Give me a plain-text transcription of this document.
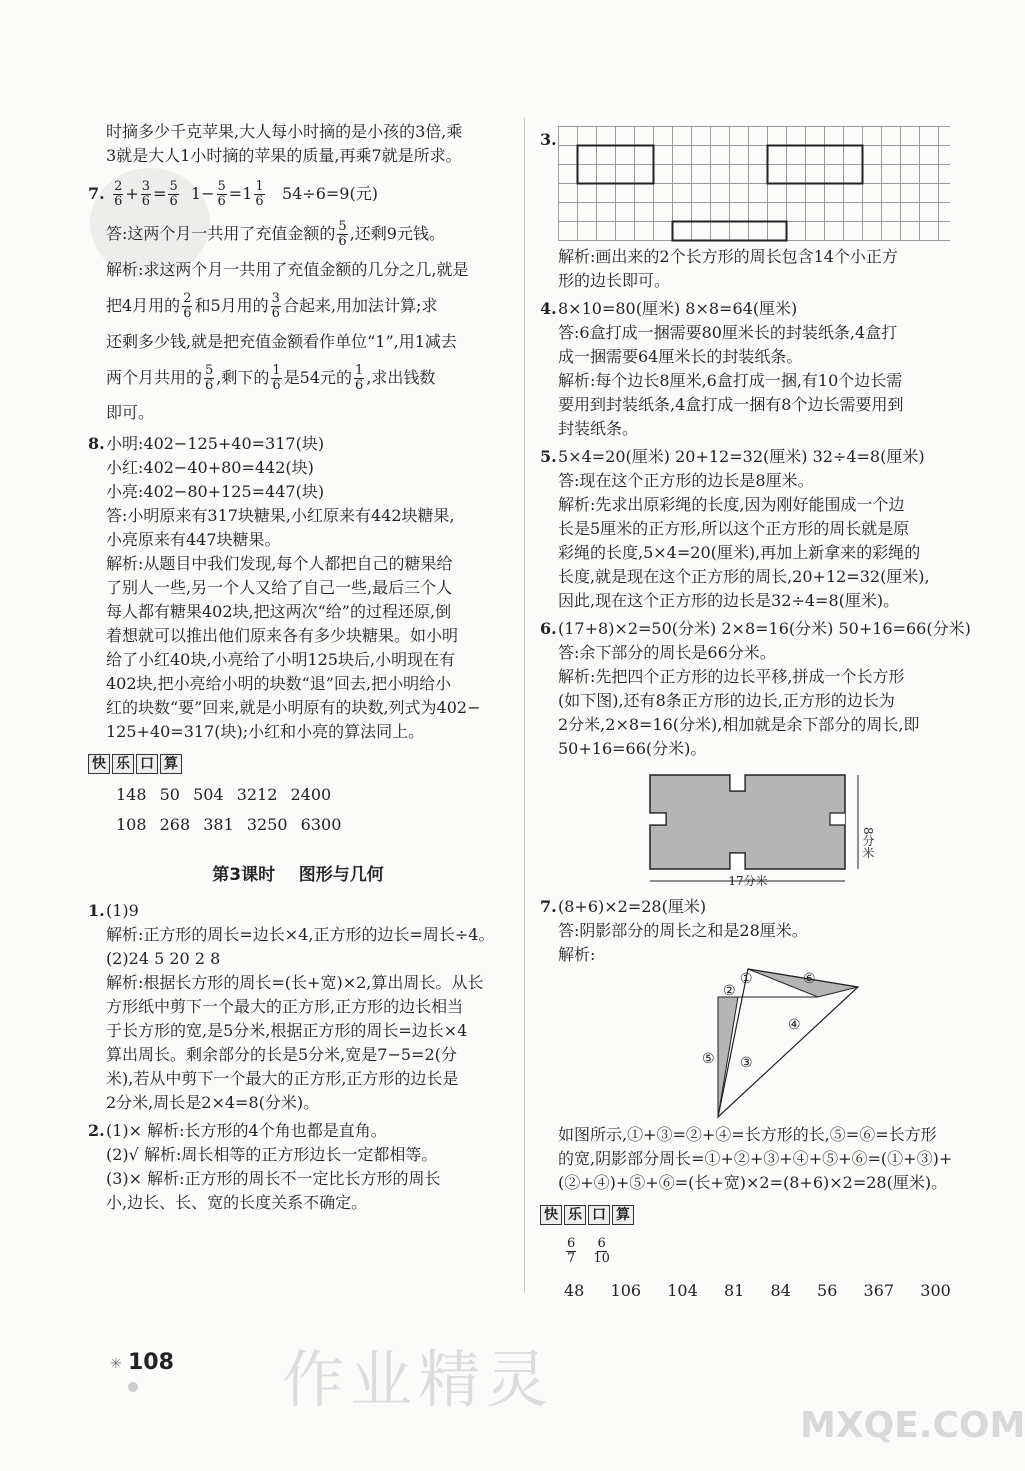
时摘多少千克苹果,大人每小时摘的是小孩的3倍,乘

3就是大人1小时摘的苹果的质量,再乘7就是所求。

7. $\frac{2}{6} + \frac{3}{6} = \frac{5}{6} 1- \frac{5}{6} =1 \frac{1}{6} 54\div 6=9$(元)

答:这两个月一共用了充值金额的 $\frac{5}{6}$ ,还剩9元钱。

解析:求这两个月一共用了充值金额的几分之几,就是

把4月用的 $\frac{2}{6}$ 和5月用的 $\frac{3}{6}$ 合起来,用加法计算;求

还剩多少钱,就是把充值金额看作单位“1”,用1减去

两个月共用的 $\frac{5}{6}$ ,剩下的 $\frac{1}{6}$ 是54元的 $\frac{1}{6}$ ,求出钱数

即可。

8.小明:402−125+40=317(块)

小红:402−40+80=442(块)

小亮:402−80+125=447(块)

答:小明原来有317块糖果,小红原来有442块糖果,

小亮原来有447块糖果。

解析:从题目中我们发现,每个人都把自己的糖果给

了别人一些,另一个人又给了自己一些,最后三个人

每人都有糖果402块,把这两次“给”的过程还原,倒

着想就可以推出他们原来各有多少块糖果。如小明

给了小红40块,小亮给了小明125块后,小明现在有

402块,把小亮给小明的块数“退”回去,把小明给小

红的块数“要”回来,就是小明原有的块数,列式为402−

125+40=317(块);小红和小亮的算法同上。

快 乐 口 算
148 50 504 3212 2400
108 268 381 3250 6300
第3课时    图形与几何

1.(1)9

解析:正方形的周长=边长×4,正方形的边长=周长÷4。

(2)24 5 20 2 8

解析:根据长方形的周长=(长+宽)×2,算出周长。从长

方形纸中剪下一个最大的正方形,正方形的边长相当

于长方形的宽,是5分米,根据正方形的周长=边长×4

算出周长。剩余部分的长是5分米,宽是7−5=2(分

米),若从中剪下一个最大的正方形,正方形的边长是

2分米,周长是2×4=8(分米)。

2.(1)× 解析:长方形的4个角也都是直角。

(2)√ 解析:周长相等的正方形边长一定都相等。

(3)× 解析:正方形的周长不一定比长方形的周长

小,边长、长、宽的长度关系不确定。

3.

解析:画出来的2个长方形的周长包含14个小正方

形的边长即可。

4.8×10=80(厘米) 8×8=64(厘米)

答:6盒打成一捆需要80厘米长的封装纸条,4盒打

成一捆需要64厘米长的封装纸条。

解析:每个边长8厘米,6盒打成一捆,有10个边长需

要用到封装纸条,4盒打成一捆有8个边长需要用到

封装纸条。

5.5×4=20(厘米) 20+12=32(厘米) 32÷4=8(厘米)

答:现在这个正方形的边长是8厘米。

解析:先求出原彩绳的长度,因为刚好能围成一个边

长是5厘米的正方形,所以这个正方形的周长就是原

彩绳的长度,5×4=20(厘米),再加上新拿来的彩绳的

长度,就是现在这个正方形的周长,20+12=32(厘米),

因此,现在这个正方形的边长是32÷4=8(厘米)。

6.(17+8)×2=50(分米) 2×8=16(分米) 50+16=66(分米)

答:余下部分的周长是66分米。

解析:先把四个正方形的边长平移,拼成一个长方形

(如下图),还有8条正方形的边长,正方形的边长为

2分米,2×8=16(分米),相加就是余下部分的周长,即

50+16=66(分米)。

17分米
8分米

7.(8+6)×2=28(厘米)

答:阴影部分的周长之和是28厘米。

解析:

①
②
③
④
⑤
⑥

如图所示,①+③=②+④=长方形的长,⑤=⑥=长方形

的宽,阴影部分周长=①+②+③+④+⑤+⑥=(①+③)+

(②+④)+⑤+⑥=(长+宽)×2=(8+6)×2=28(厘米)。

快 乐 口 算
$\frac{6}{7}$
$\frac{6}{10}$
48  106  104  81  84  56  367  300
✳ 108 作业精灵
MXQE.COM
